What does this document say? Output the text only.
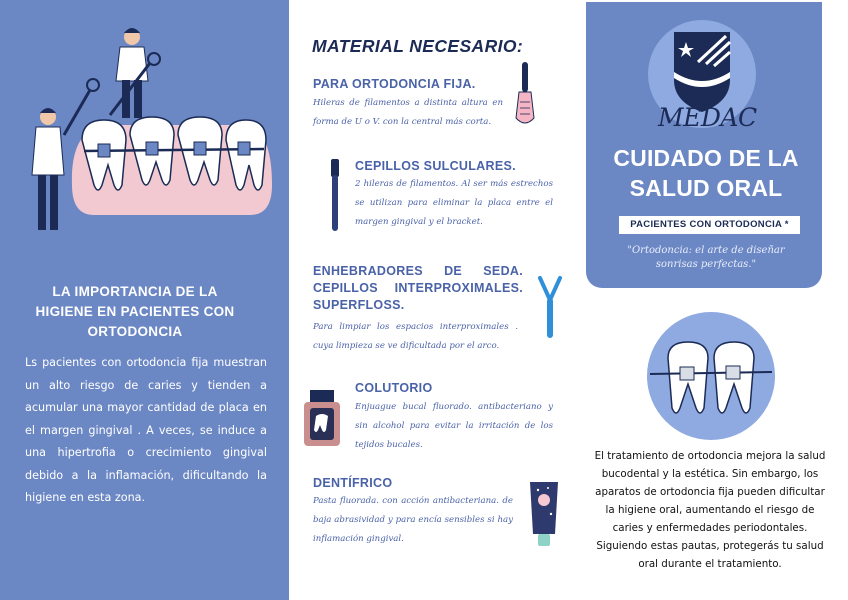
LA IMPORTANCIA DE LA HIGIENE EN PACIENTES CON ORTODONCIA
Ls pacientes con ortodoncia fija muestran un alto riesgo de caries y tienden a acumular una mayor cantidad de placa en el margen gingival . A veces, se induce a una hipertrofia o crecimiento gingival debido a la inflamación, dificultando la higiene en esta zona.
MATERIAL NECESARIO:
PARA ORTODONCIA FIJA.
Hileras de filamentos a distinta altura en forma de U o V. con la central más corta.
CEPILLOS SULCULARES.
2 hileras de filamentos. Al ser más estrechos se utilizan para eliminar la placa entre el margen gingival y el bracket.
ENHEBRADORES DE SEDA. CEPILLOS INTERPROXIMALES. SUPERFLOSS.
Para limpiar los espacios interproximales . cuya limpieza se ve dificultada por el arco.
COLUTORIO
Enjuague bucal fluorado. antibacteriano y sin alcohol para evitar la irritación de los tejidos bucales.
DENTÍFRICO
Pasta fluorada. con acción antibacteriana. de baja abrasividad y para encía sensibles si hay inflamación gingival.
MEDAC
CUIDADO DE LA SALUD ORAL
PACIENTES CON ORTODONCIA *
"Ortodoncia: el arte de diseñar sonrisas perfectas."
El tratamiento de ortodoncia mejora la salud bucodental y la estética. Sin embargo, los aparatos de ortodoncia fija pueden dificultar la higiene oral, aumentando el riesgo de caries y enfermedades periodontales. Siguiendo estas pautas, protegerás tu salud oral durante el tratamiento.
